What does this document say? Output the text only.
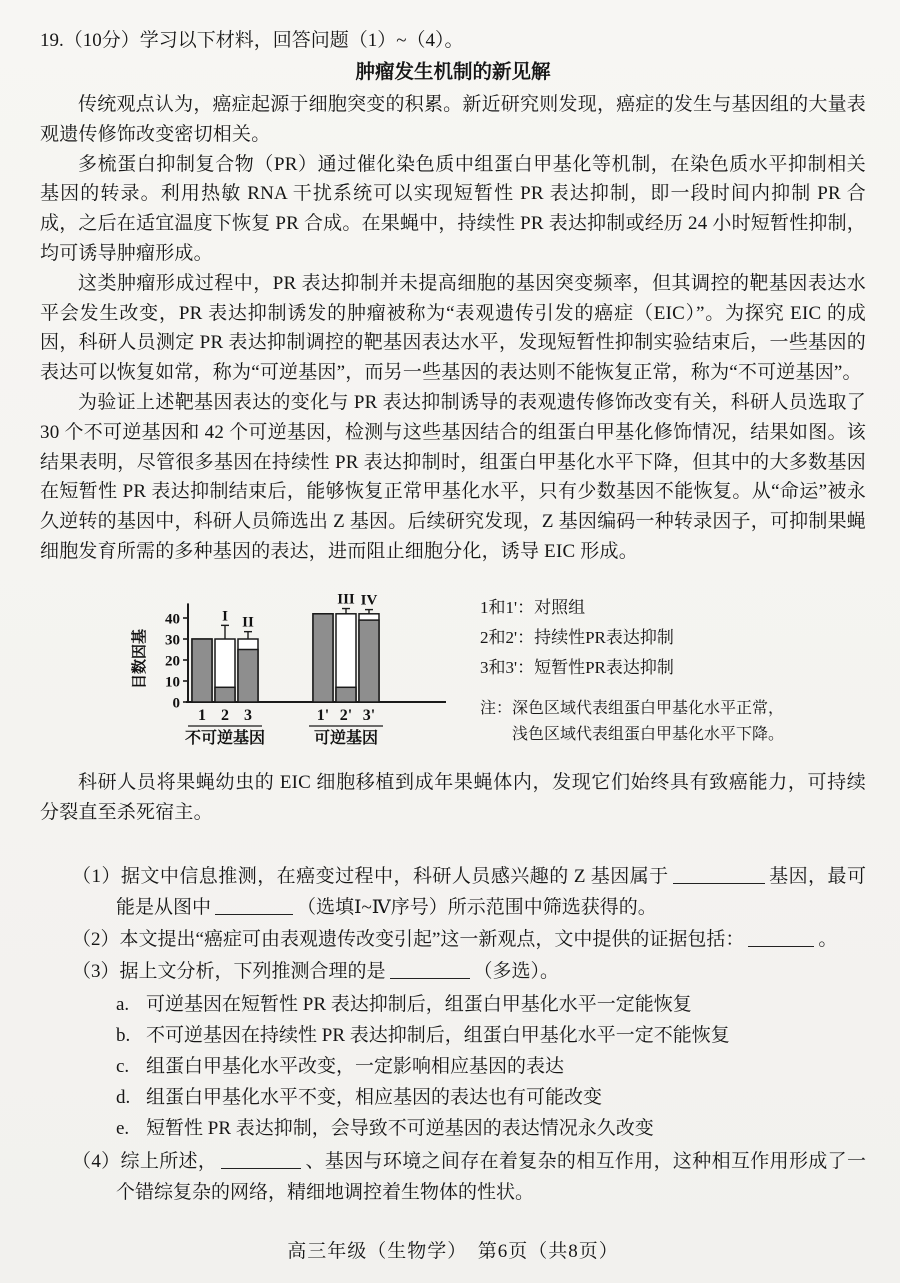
19.（10分）学习以下材料，回答问题（1）~（4）。
肿瘤发生机制的新见解

传统观点认为，癌症起源于细胞突变的积累。新近研究则发现，癌症的发生与基因组的大量表观遗传修饰改变密切相关。

多梳蛋白抑制复合物（PR）通过催化染色质中组蛋白甲基化等机制，在染色质水平抑制相关基因的转录。利用热敏 RNA 干扰系统可以实现短暂性 PR 表达抑制，即一段时间内抑制 PR 合成，之后在适宜温度下恢复 PR 合成。在果蝇中，持续性 PR 表达抑制或经历 24 小时短暂性抑制，均可诱导肿瘤形成。

这类肿瘤形成过程中，PR 表达抑制并未提高细胞的基因突变频率，但其调控的靶基因表达水平会发生改变，PR 表达抑制诱发的肿瘤被称为“表观遗传引发的癌症（EIC）”。为探究 EIC 的成因，科研人员测定 PR 表达抑制调控的靶基因表达水平，发现短暂性抑制实验结束后，一些基因的表达可以恢复如常，称为“可逆基因”，而另一些基因的表达则不能恢复正常，称为“不可逆基因”。

为验证上述靶基因表达的变化与 PR 表达抑制诱导的表观遗传修饰改变有关，科研人员选取了 30 个不可逆基因和 42 个可逆基因，检测与这些基因结合的组蛋白甲基化修饰情况，结果如图。该结果表明，尽管很多基因在持续性 PR 表达抑制时，组蛋白甲基化水平下降，但其中的大多数基因在短暂性 PR 表达抑制结束后，能够恢复正常甲基化水平，只有少数基因不能恢复。从“命运”被永久逆转的基因中，科研人员筛选出 Z 基因。后续研究发现，Z 基因编码一种转录因子，可抑制果蝇细胞发育所需的多种基因的表达，进而阻止细胞分化，诱导 EIC 形成。

0
10
20
30
40
目数因基
1 2 3	1' 2' 3'
I II
III IV
不可逆基因	可逆基因
1和1'：对照组
2和2'：持续性PR表达抑制
3和3'：短暂性PR表达抑制
注： 深色区域代表组蛋白甲基化水平正常，
浅色区域代表组蛋白甲基化水平下降。

科研人员将果蝇幼虫的 EIC 细胞移植到成年果蝇体内，发现它们始终具有致癌能力，可持续分裂直至杀死宿主。

（1）据文中信息推测，在癌变过程中，科研人员感兴趣的 Z 基因属于	基因，最可能是从图中	（选填Ⅰ~Ⅳ序号）所示范围中筛选获得的。
（2）本文提出“癌症可由表观遗传改变引起”这一新观点，文中提供的证据包括：	。
（3）据上文分析，下列推测合理的是	（多选）。

a. 可逆基因在短暂性 PR 表达抑制后，组蛋白甲基化水平一定能恢复

b. 不可逆基因在持续性 PR 表达抑制后，组蛋白甲基化水平一定不能恢复

c. 组蛋白甲基化水平改变，一定影响相应基因的表达

d. 组蛋白甲基化水平不变，相应基因的表达也有可能改变

e. 短暂性 PR 表达抑制，会导致不可逆基因的表达情况永久改变

（4）综上所述，	、基因与环境之间存在着复杂的相互作用，这种相互作用形成了一个错综复杂的网络，精细地调控着生物体的性状。
高三年级（生物学）　第6页（共8页）
